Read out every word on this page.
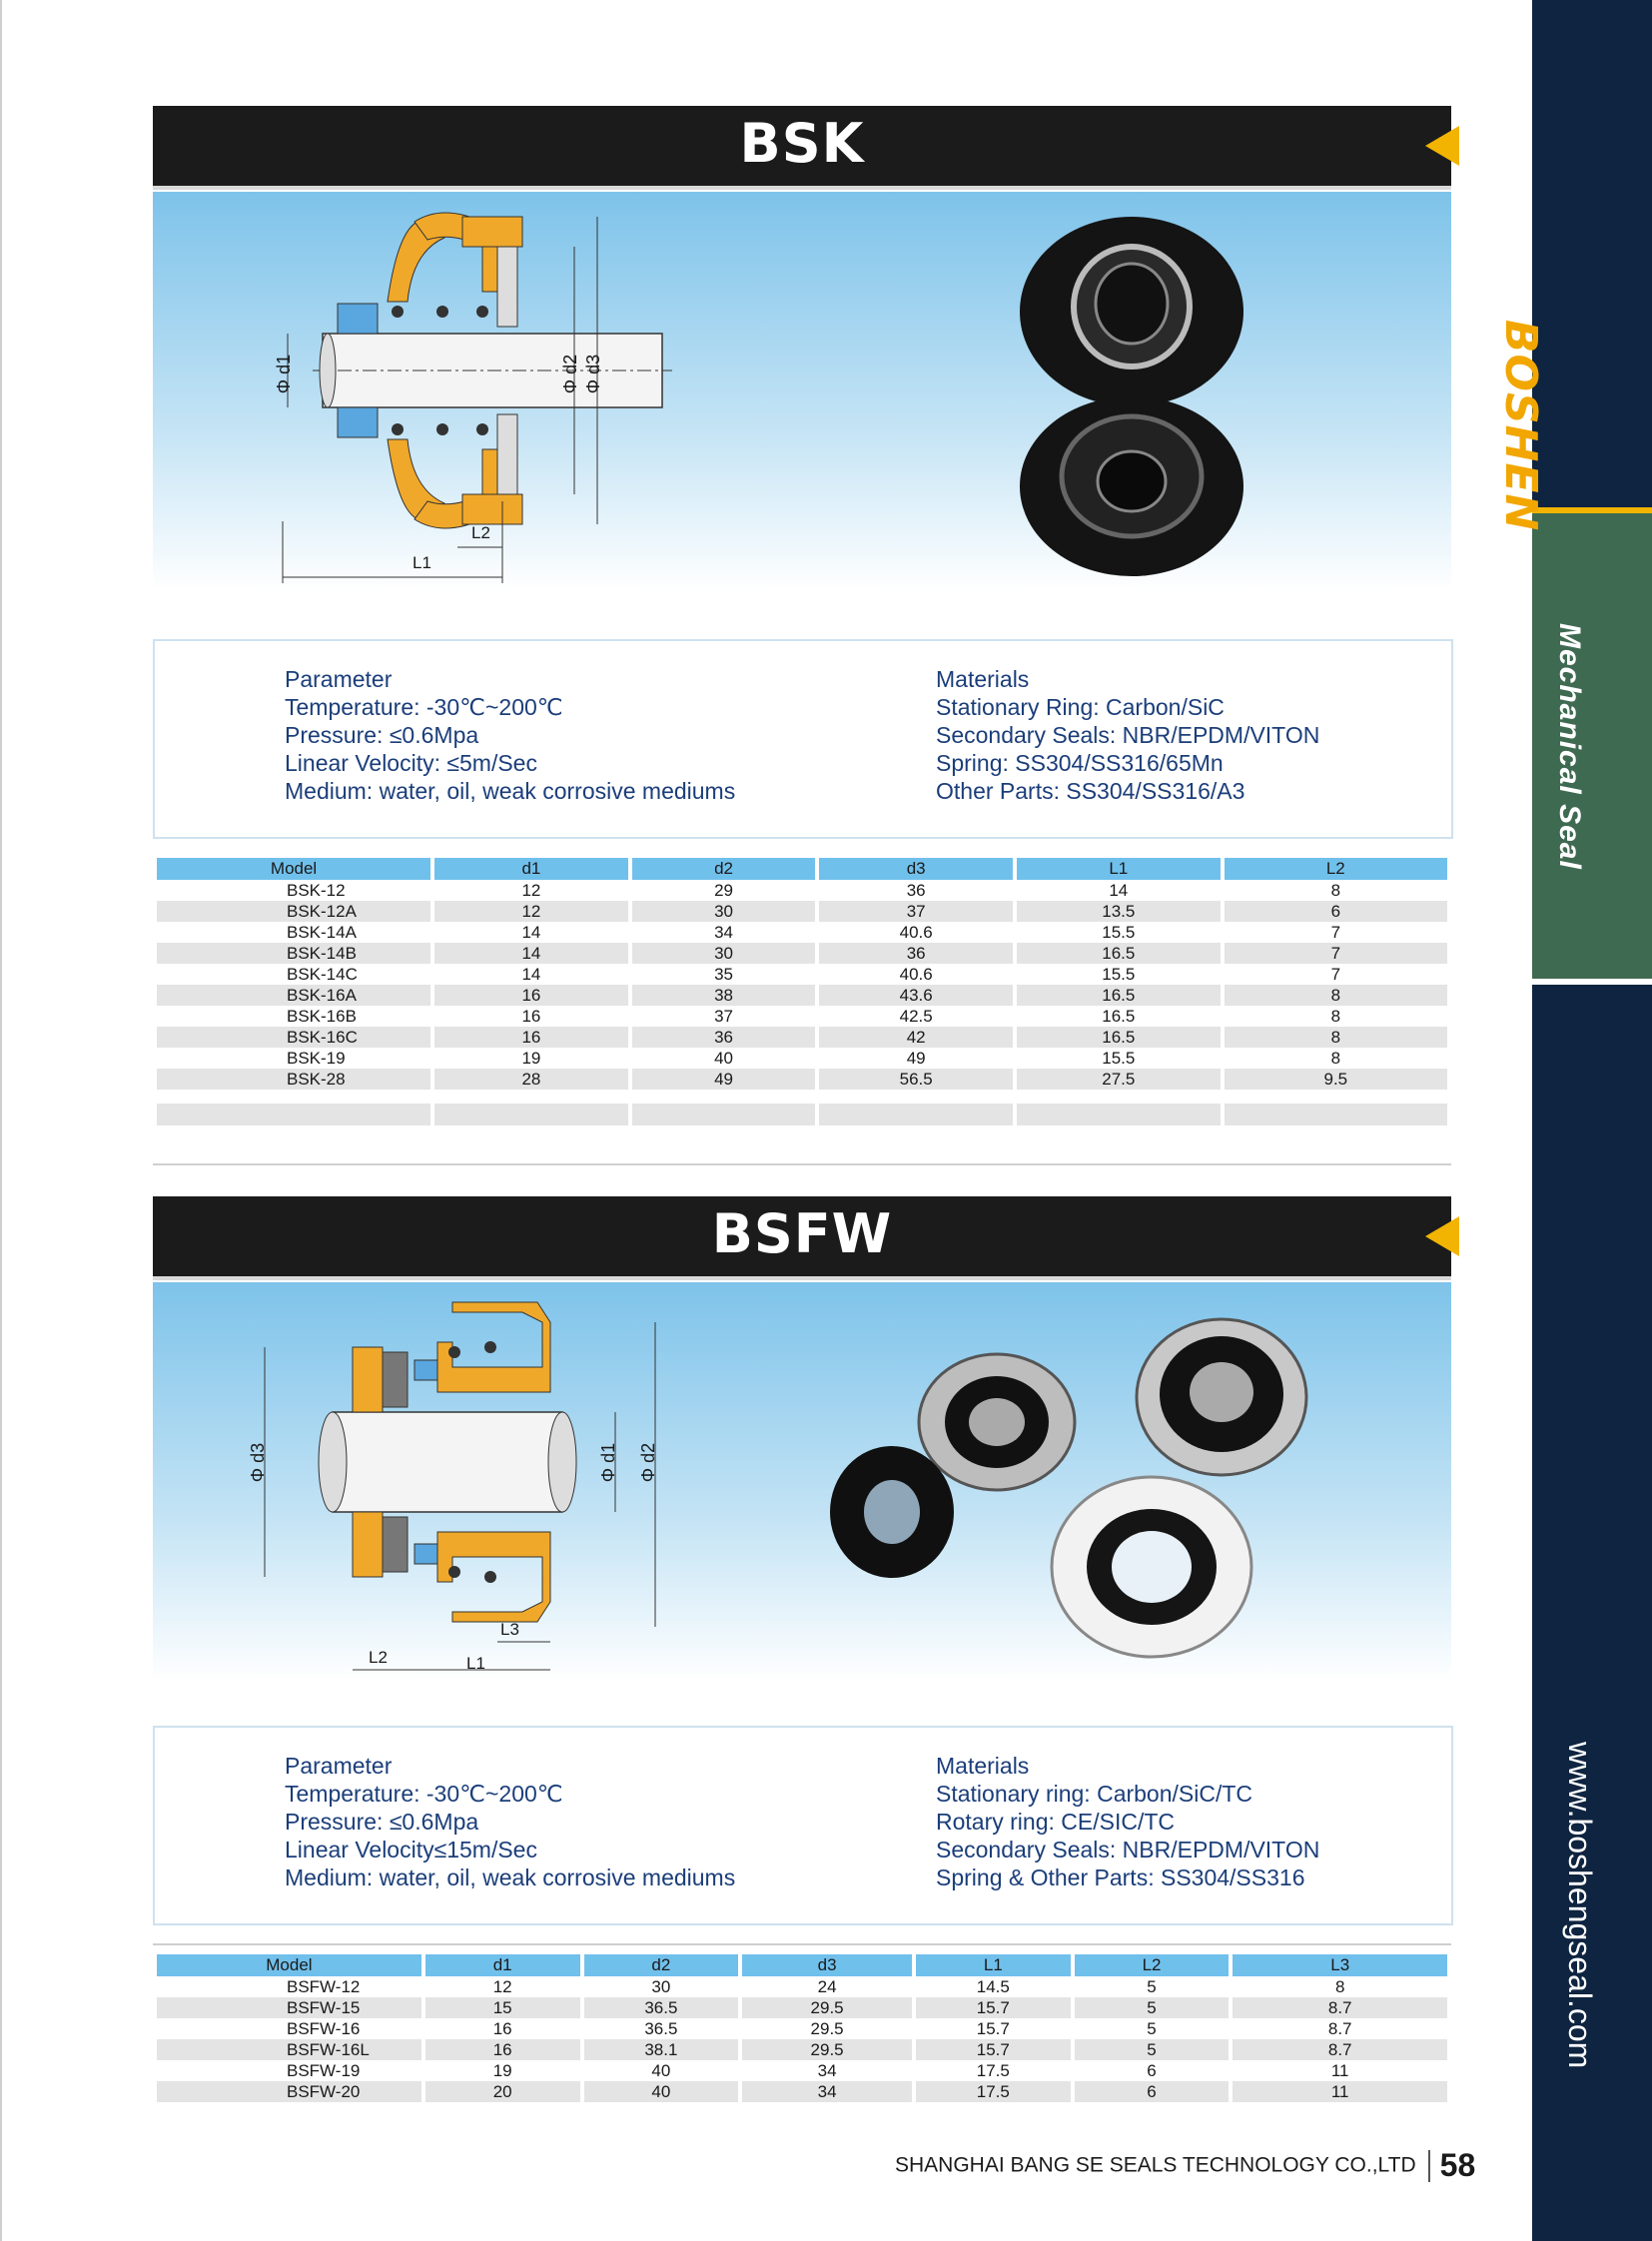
BOSHEN
Mechanical Seal
www.boshengseal.com
BSK
Φ d1	Φ d2 Φ d3
L2
L1
Parameter
Temperature: -30℃~200℃
Pressure: ≤0.6Mpa
Linear Velocity: ≤5m/Sec
Medium: water, oil, weak corrosive mediums
Materials
Stationary Ring: Carbon/SiC
Secondary Seals: NBR/EPDM/VITON
Spring: SS304/SS316/65Mn
Other Parts: SS304/SS316/A3
Model	d1	d2	d3	L1	L2
BSK-12	12	29	36	14	8
BSK-12A	12	30	37	13.5	6
BSK-14A	14	34	40.6	15.5	7
BSK-14B	14	30	36	16.5	7
BSK-14C	14	35	40.6	15.5	7
BSK-16A	16	38	43.6	16.5	8
BSK-16B	16	37	42.5	16.5	8
BSK-16C	16	36	42	16.5	8
BSK-19	19	40	49	15.5	8
BSK-28	28	49	56.5	27.5	9.5

BSFW
Φ d3	Φ d1 Φ d2
L3
L2	L1
Parameter
Temperature: -30℃~200℃
Pressure: ≤0.6Mpa
Linear Velocity≤15m/Sec
Medium: water, oil, weak corrosive mediums
Materials
Stationary ring: Carbon/SiC/TC
Rotary ring: CE/SIC/TC
Secondary Seals: NBR/EPDM/VITON
Spring & Other Parts: SS304/SS316
Model	d1	d2	d3	L1	L2	L3
BSFW-12	12	30	24	14.5	5	8
BSFW-15	15	36.5	29.5	15.7	5	8.7
BSFW-16	16	36.5	29.5	15.7	5	8.7
BSFW-16L	16	38.1	29.5	15.7	5	8.7
BSFW-19	19	40	34	17.5	6	11
BSFW-20	20	40	34	17.5	6	11
SHANGHAI BANG SE SEALS TECHNOLOGY CO.,LTD 58
